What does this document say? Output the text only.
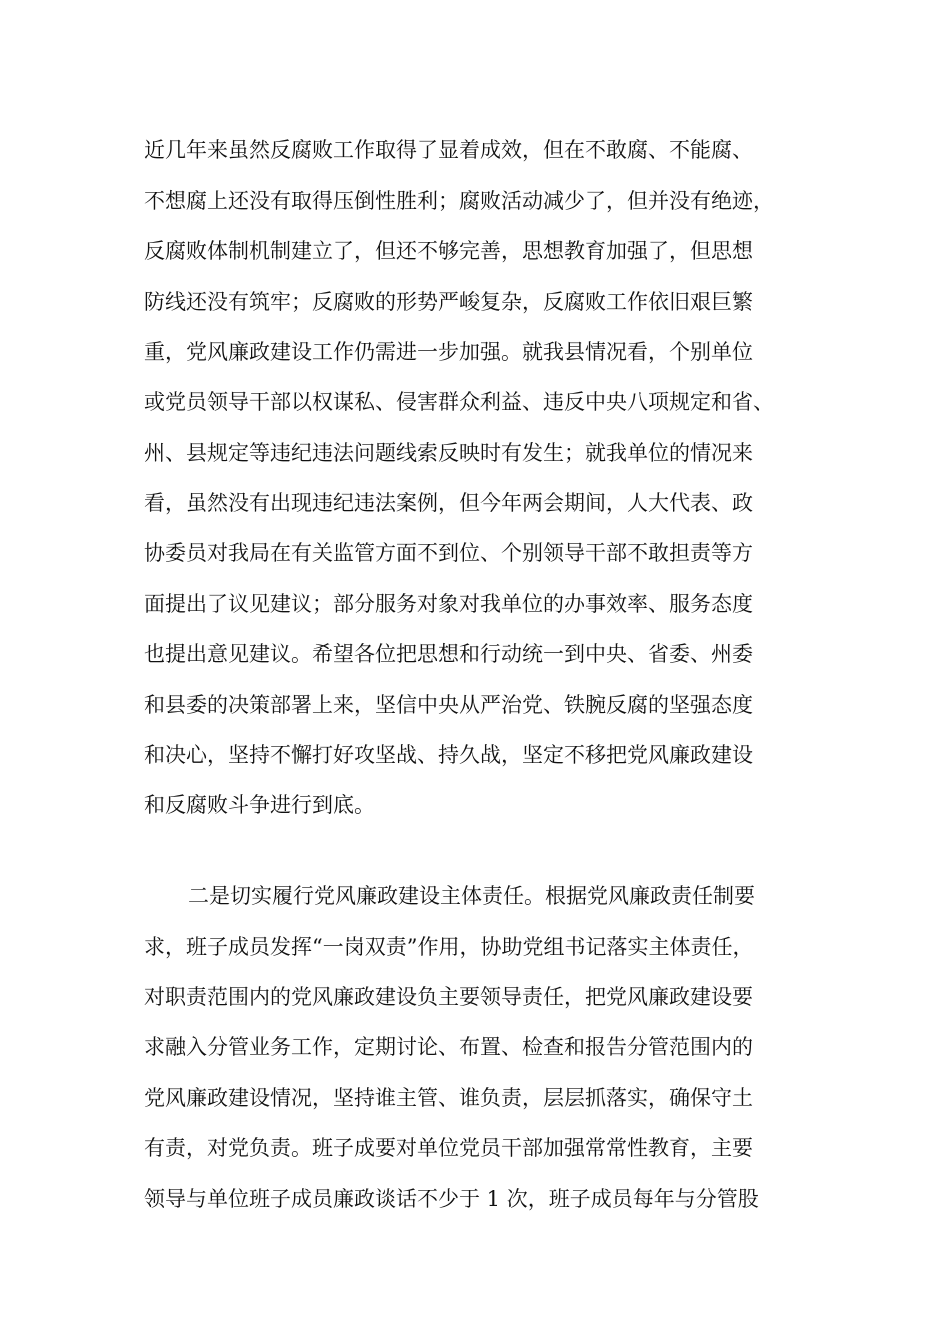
近几年来虽然反腐败工作取得了显着成效，但在不敢腐、不能腐、
不想腐上还没有取得压倒性胜利；腐败活动减少了，但并没有绝迹，
反腐败体制机制建立了，但还不够完善，思想教育加强了，但思想
防线还没有筑牢；反腐败的形势严峻复杂，反腐败工作依旧艰巨繁
重，党风廉政建设工作仍需进一步加强。就我县情况看，个别单位
或党员领导干部以权谋私、侵害群众利益、违反中央八项规定和省、
州、县规定等违纪违法问题线索反映时有发生；就我单位的情况来
看，虽然没有出现违纪违法案例，但今年两会期间，人大代表、政
协委员对我局在有关监管方面不到位、个别领导干部不敢担责等方
面提出了议见建议；部分服务对象对我单位的办事效率、服务态度
也提出意见建议。希望各位把思想和行动统一到中央、省委、州委
和县委的决策部署上来，坚信中央从严治党、铁腕反腐的坚强态度
和决心，坚持不懈打好攻坚战、持久战，坚定不移把党风廉政建设
和反腐败斗争进行到底。
二是切实履行党风廉政建设主体责任。根据党风廉政责任制要
求，班子成员发挥“一岗双责”作用，协助党组书记落实主体责任，
对职责范围内的党风廉政建设负主要领导责任，把党风廉政建设要
求融入分管业务工作，定期讨论、布置、检查和报告分管范围内的
党风廉政建设情况，坚持谁主管、谁负责，层层抓落实，确保守土
有责，对党负责。班子成要对单位党员干部加强常常性教育，主要
领导与单位班子成员廉政谈话不少于 1 次，班子成员每年与分管股
